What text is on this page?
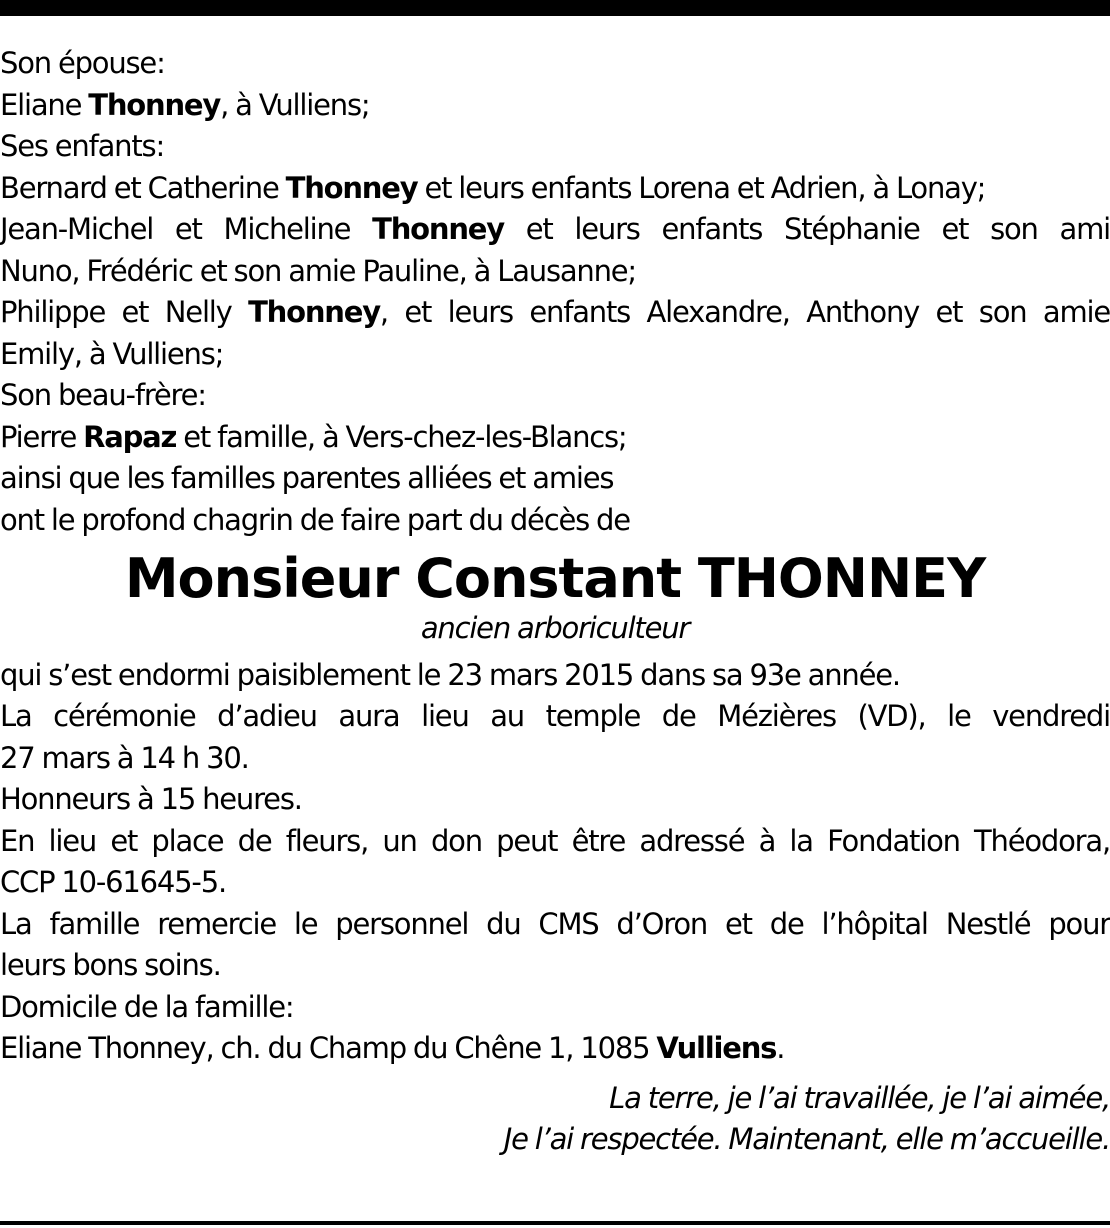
Son épouse:
Eliane Thonney, à Vulliens;
Ses enfants:
Bernard et Catherine Thonney et leurs enfants Lorena et Adrien, à Lonay;
Jean-Michel et Micheline Thonney et leurs enfants Stéphanie et son ami
Nuno, Frédéric et son amie Pauline, à Lausanne;
Philippe et Nelly Thonney, et leurs enfants Alexandre, Anthony et son amie
Emily, à Vulliens;
Son beau-frère:
Pierre Rapaz et famille, à Vers-chez-les-Blancs;
ainsi que les familles parentes alliées et amies
ont le profond chagrin de faire part du décès de
Monsieur Constant THONNEY
ancien arboriculteur
qui s’est endormi paisiblement le 23 mars 2015 dans sa 93e année.
La cérémonie d’adieu aura lieu au temple de Mézières (VD), le vendredi
27 mars à 14 h 30.
Honneurs à 15 heures.
En lieu et place de fleurs, un don peut être adressé à la Fondation Théodora,
CCP 10-61645-5.
La famille remercie le personnel du CMS d’Oron et de l’hôpital Nestlé pour
leurs bons soins.
Domicile de la famille:
Eliane Thonney, ch. du Champ du Chêne 1, 1085 Vulliens.
La terre, je l’ai travaillée, je l’ai aimée,
Je l’ai respectée. Maintenant, elle m’accueille.
